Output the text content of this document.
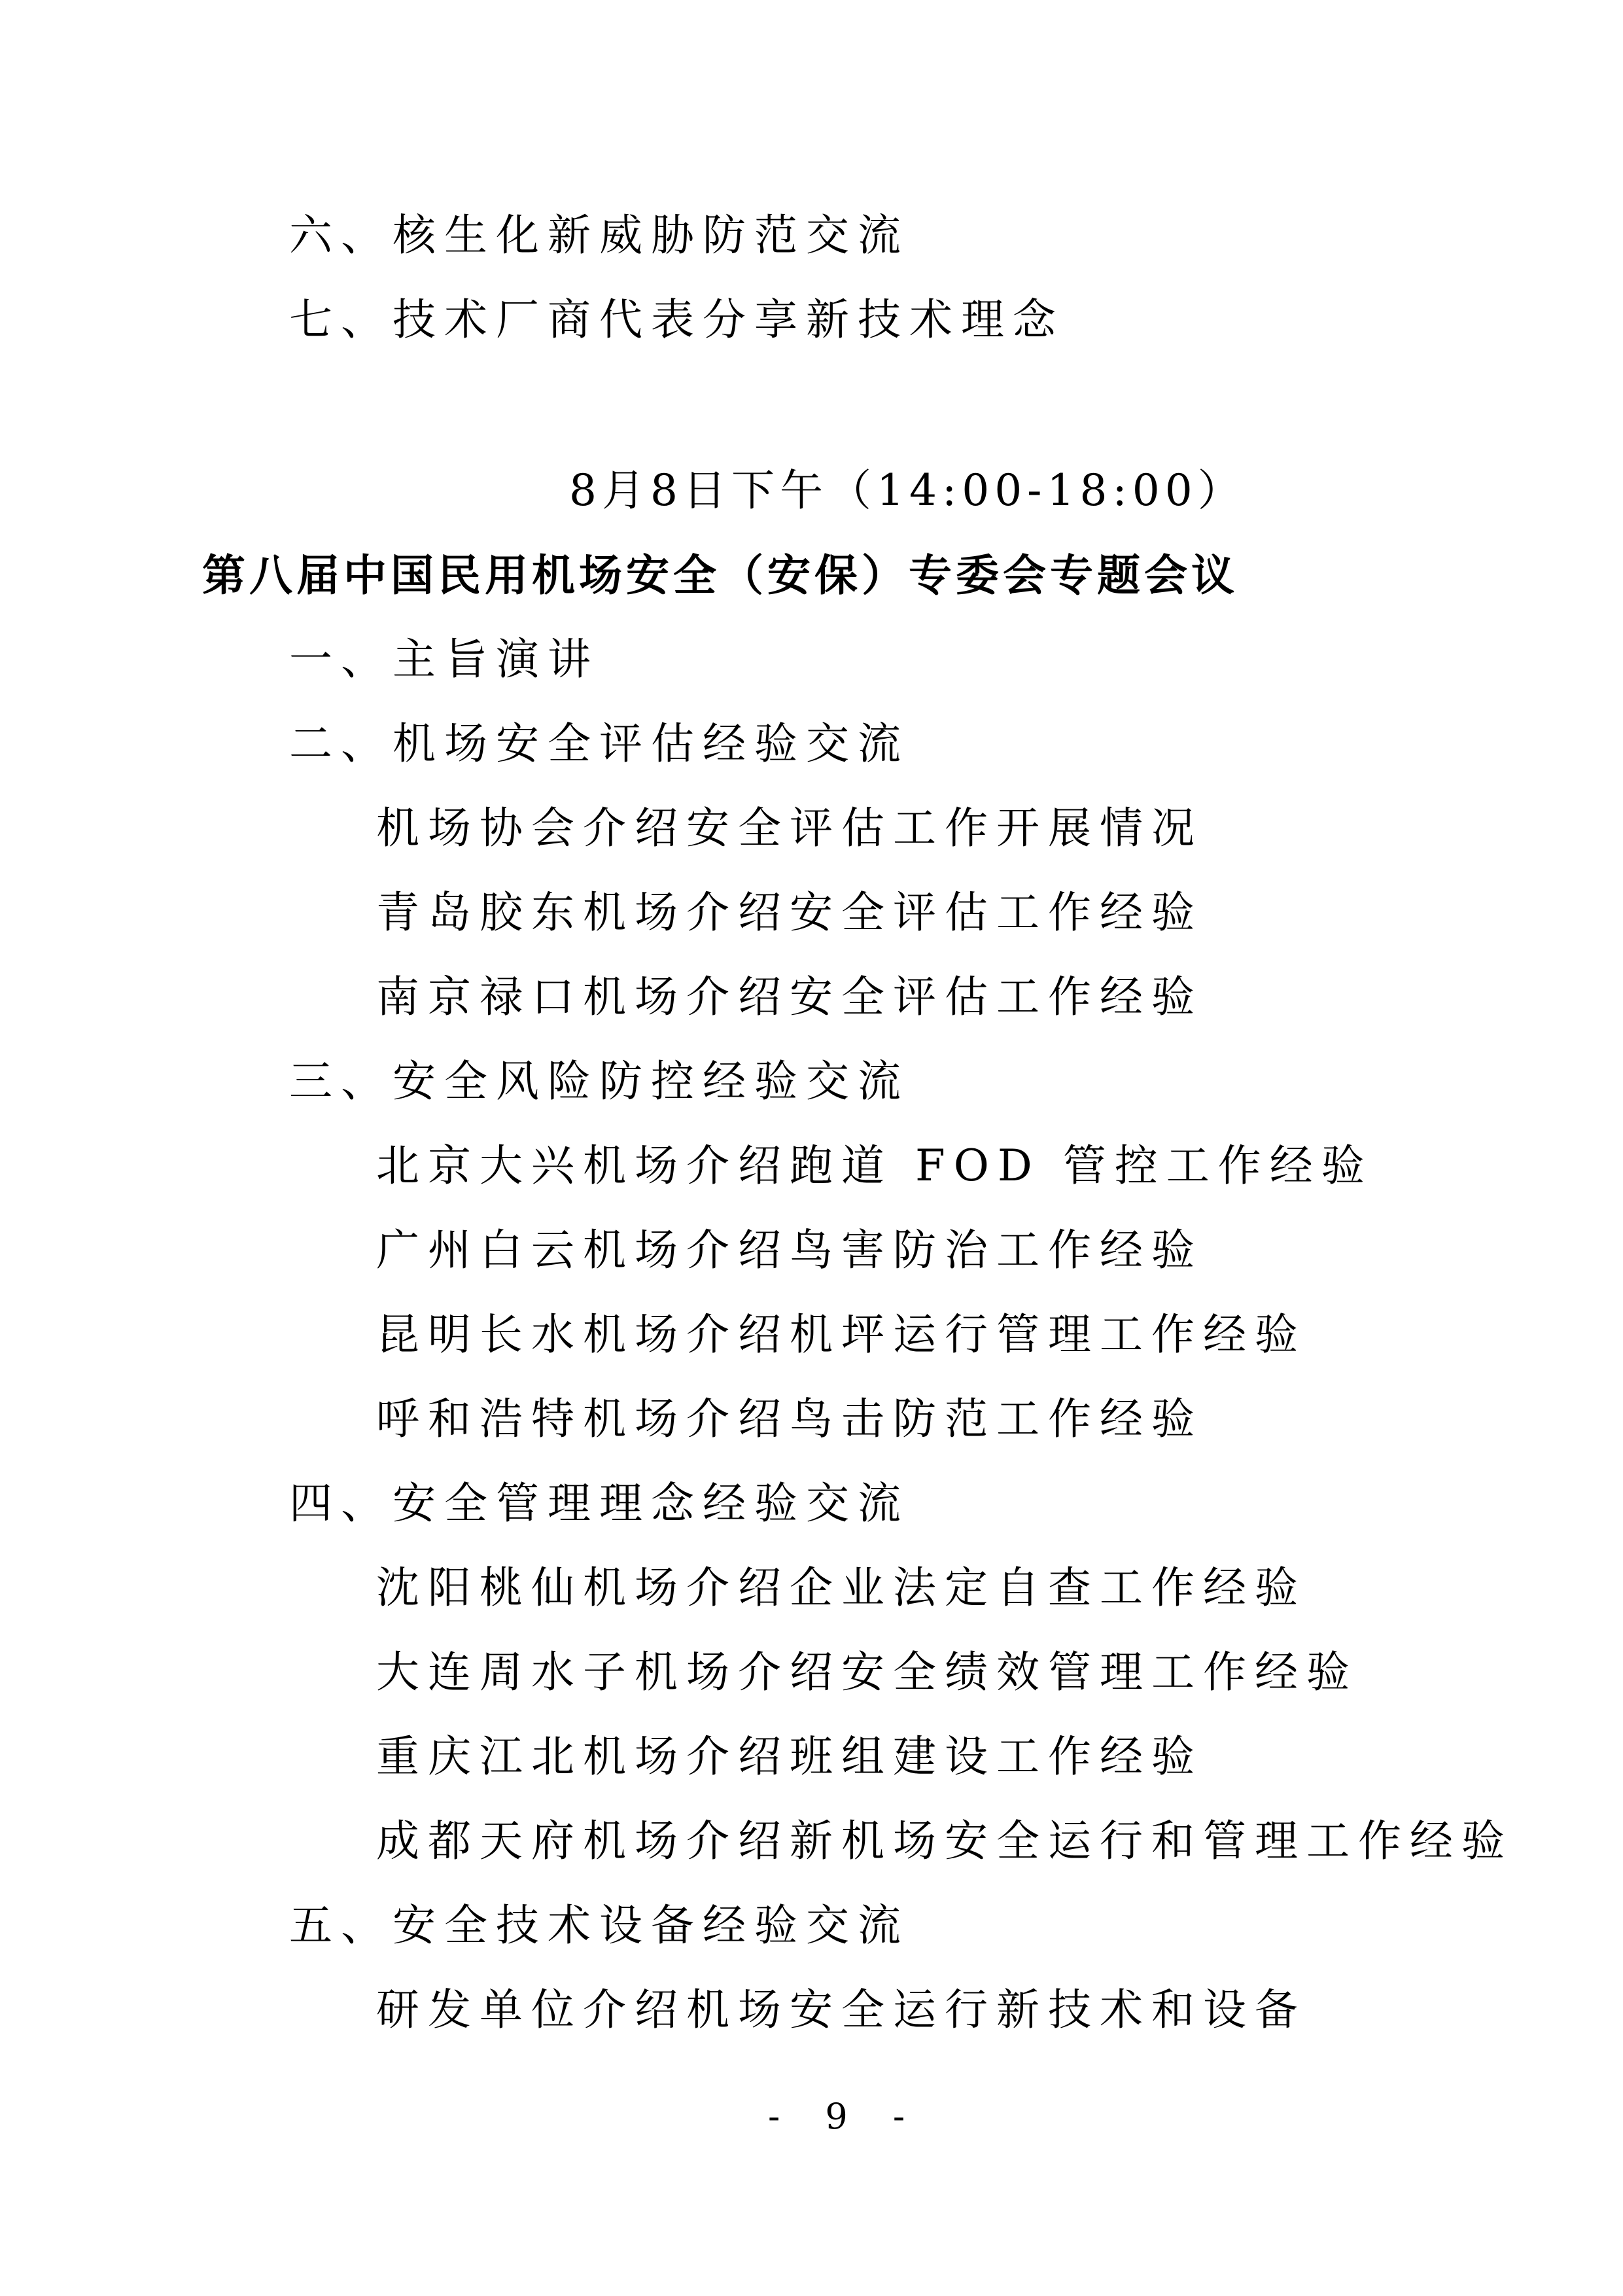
六、核生化新威胁防范交流
七、技术厂商代表分享新技术理念
8月8日下午（14:00-18:00）
第八届中国民用机场安全（安保）专委会专题会议
一、主旨演讲
二、机场安全评估经验交流
机场协会介绍安全评估工作开展情况
青岛胶东机场介绍安全评估工作经验
南京禄口机场介绍安全评估工作经验
三、安全风险防控经验交流
北京大兴机场介绍跑道 FOD 管控工作经验
广州白云机场介绍鸟害防治工作经验
昆明长水机场介绍机坪运行管理工作经验
呼和浩特机场介绍鸟击防范工作经验
四、安全管理理念经验交流
沈阳桃仙机场介绍企业法定自查工作经验
大连周水子机场介绍安全绩效管理工作经验
重庆江北机场介绍班组建设工作经验
成都天府机场介绍新机场安全运行和管理工作经验
五、安全技术设备经验交流
研发单位介绍机场安全运行新技术和设备
- 9 -
